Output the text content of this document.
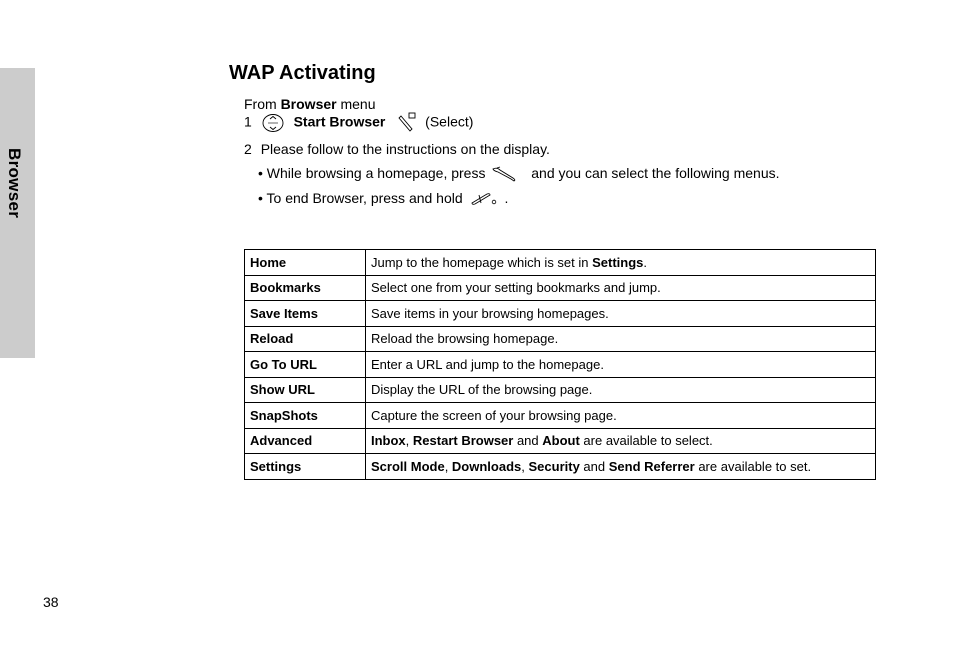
Browser
WAP Activating
From Browser menu
1	Start Browser	(Select)
2 Please follow to the instructions on the display.
• While browsing a homepage, press	and you can select the following menus.
• To end Browser, press and hold	.
Home	Jump to the homepage which is set in Settings.
Bookmarks	Select one from your setting bookmarks and jump.
Save Items	Save items in your browsing homepages.
Reload	Reload the browsing homepage.
Go To URL	Enter a URL and jump to the homepage.
Show URL	Display the URL of the browsing page.
SnapShots	Capture the screen of your browsing page.
Advanced	Inbox, Restart Browser and About are available to select.
Settings	Scroll Mode, Downloads, Security and Send Referrer are available to set.
38
